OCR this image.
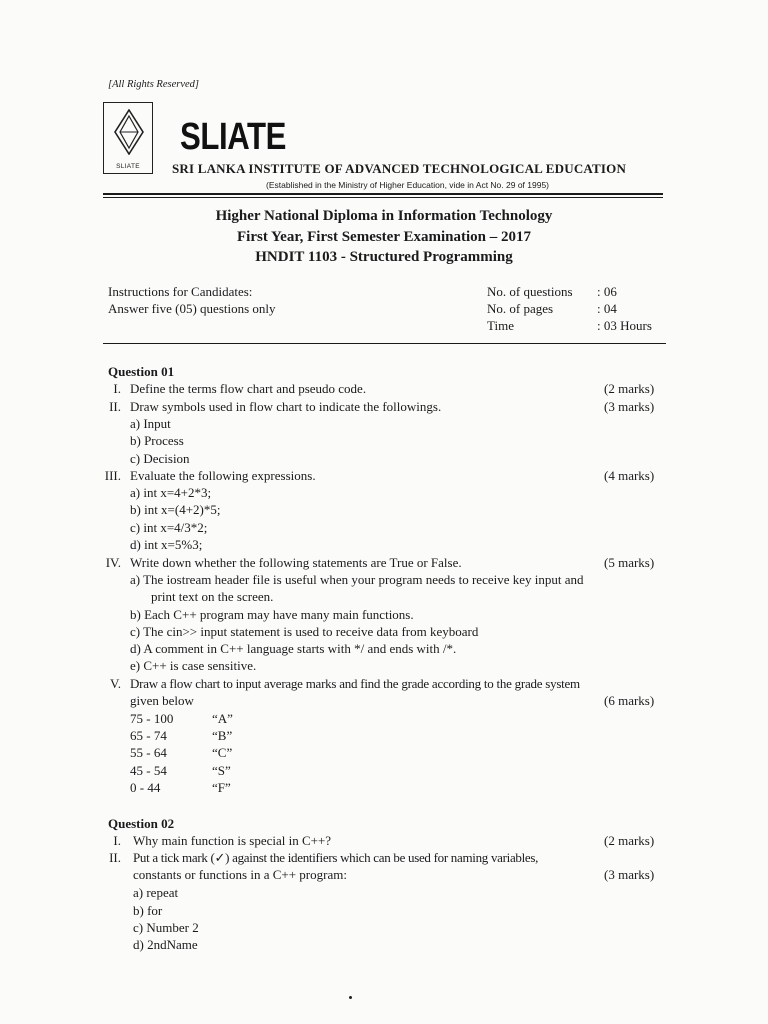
[All Rights Reserved]
SLIATE
SLIATE
SRI LANKA INSTITUTE OF ADVANCED TECHNOLOGICAL EDUCATION
(Established in the Ministry of Higher Education, vide in Act No. 29 of 1995)
Higher National Diploma in Information Technology
First Year, First Semester Examination – 2017
HNDIT 1103 - Structured Programming
Instructions for Candidates:
Answer five (05) questions only
No. of questions : 06
No. of pages	: 04
Time	: 03 Hours
Question 01
I. Define the terms flow chart and pseudo code.	(2 marks)
II. Draw symbols used in flow chart to indicate the followings.	(3 marks)
a) Input
b) Process
c) Decision
III. Evaluate the following expressions.	(4 marks)
a) int x=4+2*3;
b) int x=(4+2)*5;
c) int x=4/3*2;
d) int x=5%3;
IV. Write down whether the following statements are True or False.	(5 marks)
a) The iostream header file is useful when your program needs to receive key input and
print text on the screen.
b) Each C++ program may have many main functions.
c) The cin>> input statement is used to receive data from keyboard
d) A comment in C++ language starts with */ and ends with /*.
e) C++ is case sensitive.
V. Draw a flow chart to input average marks and find the grade according to the grade system
given below	(6 marks)
75 - 100	“A”
65 - 74	“B”
55 - 64	“C”
45 - 54	“S”
0 - 44	“F”
Question 02
I. Why main function is special in C++?	(2 marks)
II. Put a tick mark (✓) against the identifiers which can be used for naming variables,
constants or functions in a C++ program:	(3 marks)
a) repeat
b) for
c) Number 2
d) 2ndName
